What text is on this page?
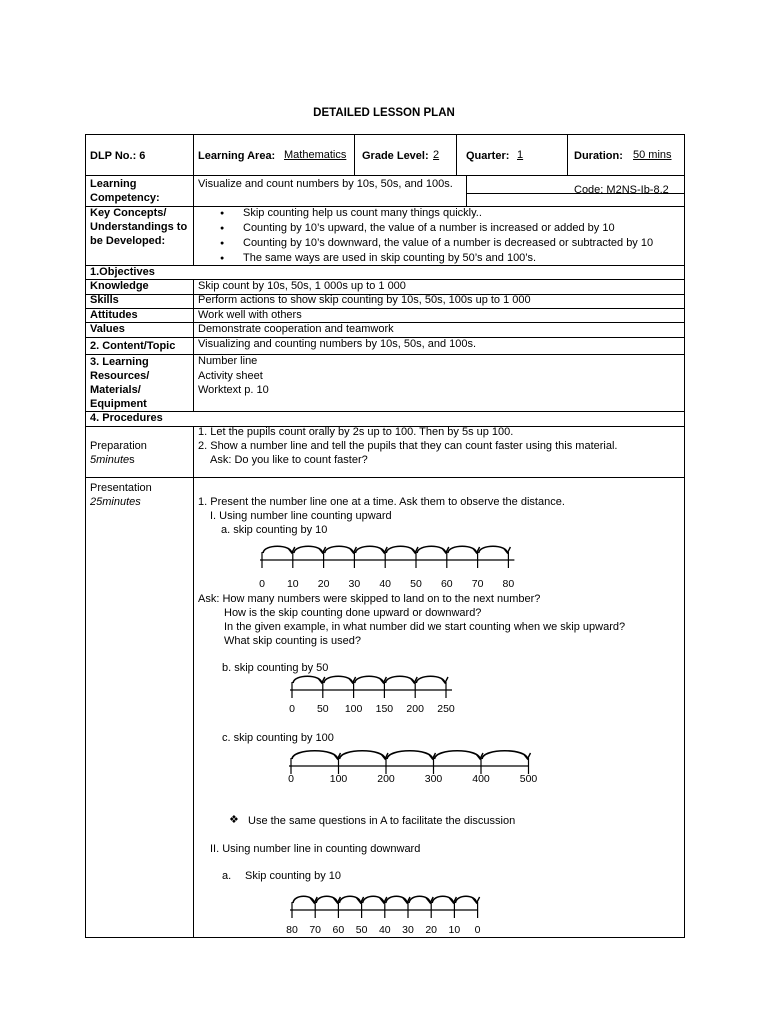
DETAILED LESSON PLAN
DLP No.: 6	Learning Area: Mathematics Grade Level: 2 Quarter: 1	Duration: 50 mins
Learning
Competency:
Visualize and count numbers by 10s, 50s, and 100s.	Code: M2NS-Ib-8.2
Key Concepts/
Understandings to
be Developed:
● Skip counting help us count many things quickly..
● Counting by 10’s upward, the value of a number is increased or added by 10
● Counting by 10’s downward, the value of a number is decreased or subtracted by 10
● The same ways are used in skip counting by 50’s and 100’s.
1.Objectives
Knowledge	Skip count by 10s, 50s, 1 000s up to 1 000
Skills	Perform actions to show skip counting by 10s, 50s, 100s up to 1 000
Attitudes	Work well with others
Values	Demonstrate cooperation and teamwork
2. Content/Topic Visualizing and counting numbers by 10s, 50s, and 100s.
3. Learning
Resources/
Materials/
Equipment
Number line
Activity sheet
Worktext p. 10
4. Procedures
Preparation
5minutes
1. Let the pupils count orally by 2s up to 100. Then by 5s up 100.
2. Show a number line and tell the pupils that they can count faster using this material.
Ask: Do you like to count faster?
Presentation
25minutes	1. Present the number line one at a time. Ask them to observe the distance.
I. Using number line counting upward
a. skip counting by 10
0 10 20 30 40 50 60 70 80
Ask: How many numbers were skipped to land on to the next number?
How is the skip counting done upward or downward?
In the given example, in what number did we start counting when we skip upward?
What skip counting is used?
b. skip counting by 50
0 50 100 150 200 250
c. skip counting by 100
0	100	200	300	400	500
❖ Use the same questions in A to facilitate the discussion
II. Using number line in counting downward
a. Skip counting by 10
80 70 60 50 40 30 20 10 0
